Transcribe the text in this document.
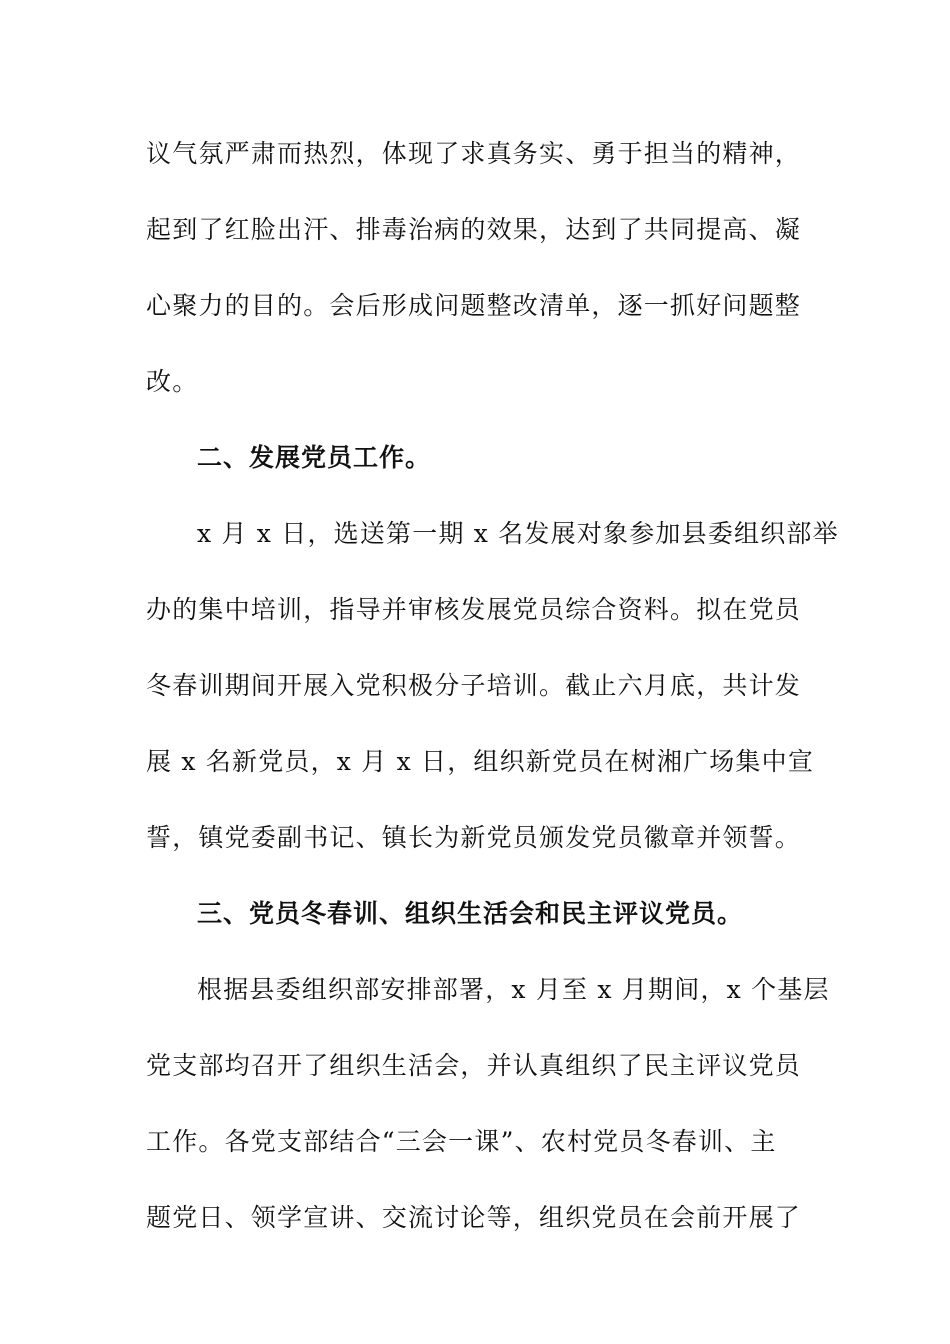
议气氛严肃而热烈，体现了求真务实、勇于担当的精神，
起到了红脸出汗、排毒治病的效果，达到了共同提高、凝
心聚力的目的。会后形成问题整改清单，逐一抓好问题整
改。
二、发展党员工作。
x 月 x 日，选送第一期 x 名发展对象参加县委组织部举
办的集中培训，指导并审核发展党员综合资料。拟在党员
冬春训期间开展入党积极分子培训。截止六月底，共计发
展 x 名新党员，x 月 x 日，组织新党员在树湘广场集中宣
誓，镇党委副书记、镇长为新党员颁发党员徽章并领誓。
三、党员冬春训、组织生活会和民主评议党员。
根据县委组织部安排部署，x 月至 x 月期间，x 个基层
党支部均召开了组织生活会，并认真组织了民主评议党员
工作。各党支部结合“三会一课”、农村党员冬春训、主
题党日、领学宣讲、交流讨论等，组织党员在会前开展了
